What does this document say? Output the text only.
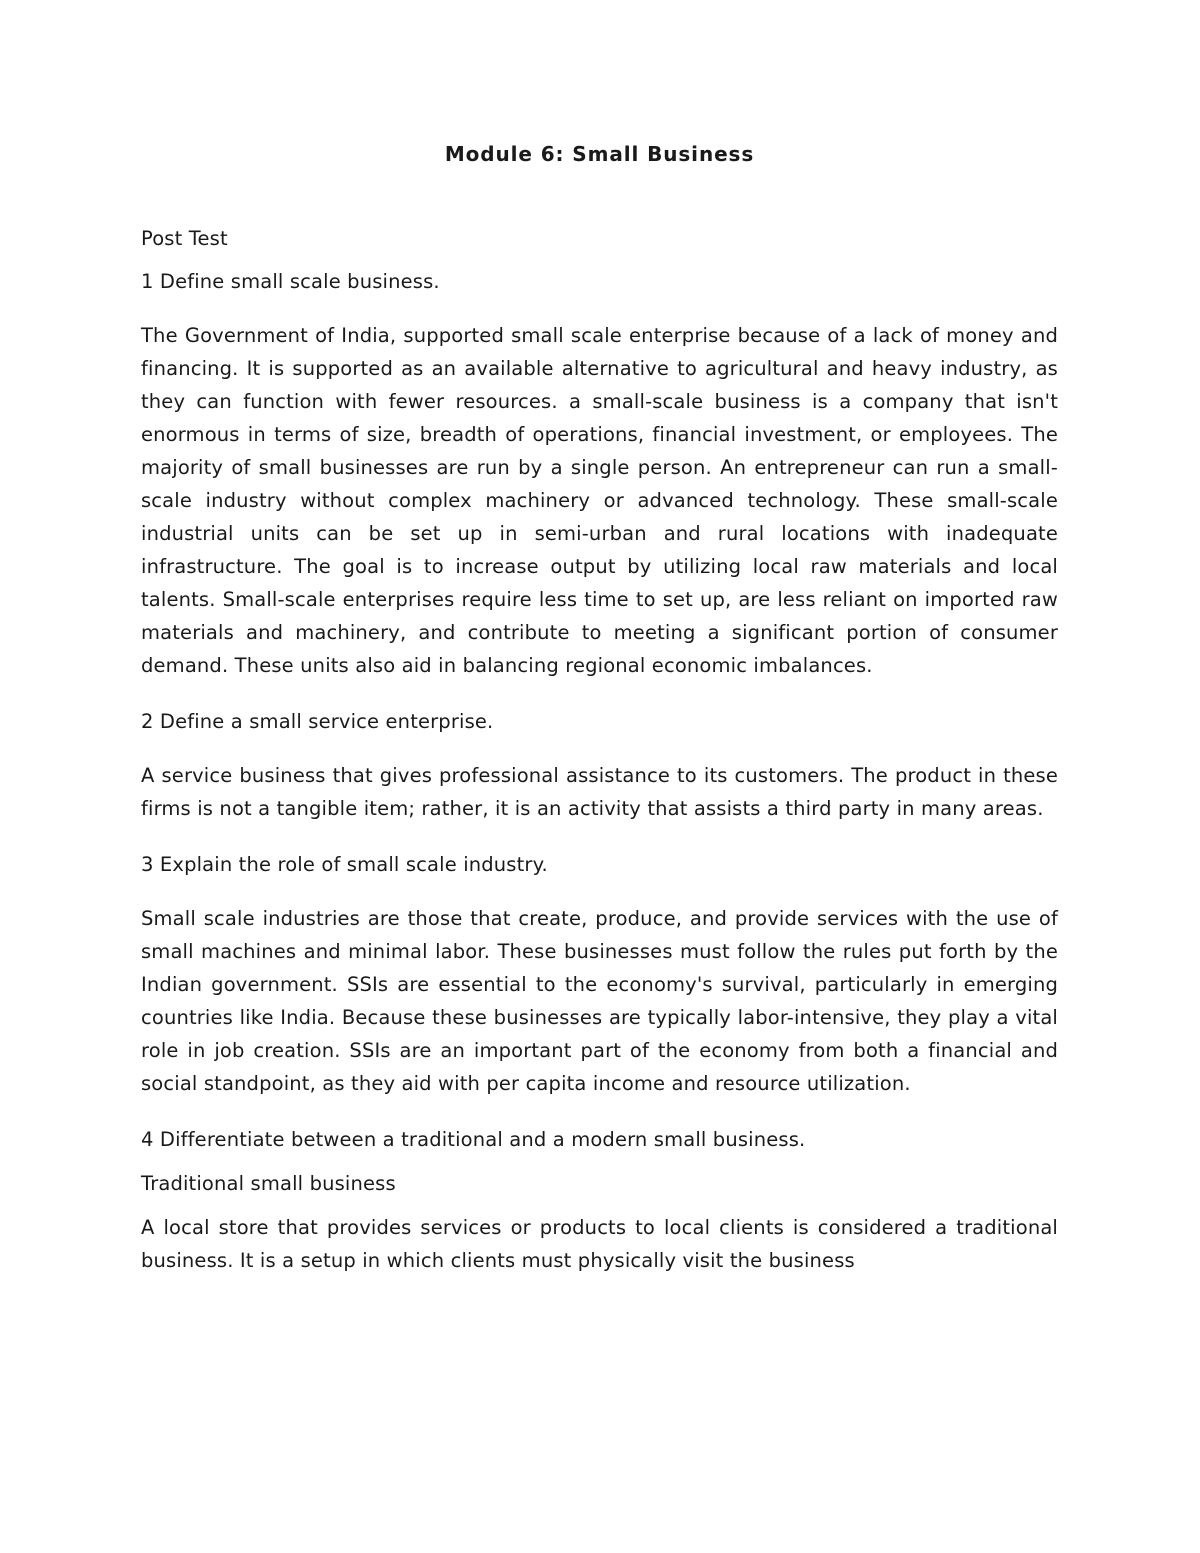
Module 6: Small Business
Post Test
1 Define small scale business.
The Government of India, supported small scale enterprise because of a lack of money and financing. It is supported as an available alternative to agricultural and heavy industry, as they can function with fewer resources. a small-scale business is a company that isn't enormous in terms of size, breadth of operations, financial investment, or employees. The majority of small businesses are run by a single person. An entrepreneur can run a small-scale industry without complex machinery or advanced technology. These small-scale industrial units can be set up in semi-urban and rural locations with inadequate infrastructure. The goal is to increase output by utilizing local raw materials and local talents. Small-scale enterprises require less time to set up, are less reliant on imported raw materials and machinery, and contribute to meeting a significant portion of consumer demand. These units also aid in balancing regional economic imbalances.
2 Define a small service enterprise.
A service business that gives professional assistance to its customers. The product in these firms is not a tangible item; rather, it is an activity that assists a third party in many areas.
3 Explain the role of small scale industry.
Small scale industries are those that create, produce, and provide services with the use of small machines and minimal labor. These businesses must follow the rules put forth by the Indian government. SSIs are essential to the economy's survival, particularly in emerging countries like India. Because these businesses are typically labor-intensive, they play a vital role in job creation. SSIs are an important part of the economy from both a financial and social standpoint, as they aid with per capita income and resource utilization.
4 Differentiate between a traditional and a modern small business.
Traditional small business
A local store that provides services or products to local clients is considered a traditional business. It is a setup in which clients must physically visit the business
